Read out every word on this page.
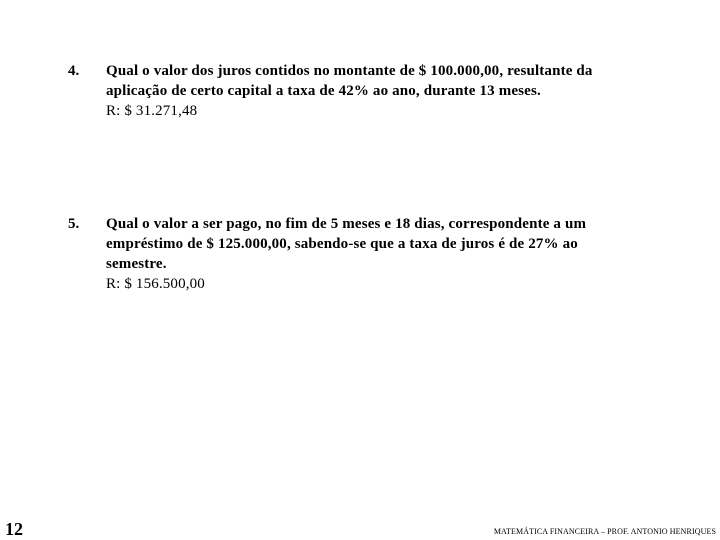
4. Qual o valor dos juros contidos no montante de $ 100.000,00, resultante da aplicação de certo capital a taxa de 42% ao ano, durante 13 meses.
R: $ 31.271,48
5. Qual o valor a ser pago, no fim de 5 meses e 18 dias, correspondente a um empréstimo de $ 125.000,00, sabendo-se que a taxa de juros é de 27% ao semestre.
R: $ 156.500,00
12	MATEMÁTICA FINANCEIRA – PROF. ANTONIO HENRIQUES
